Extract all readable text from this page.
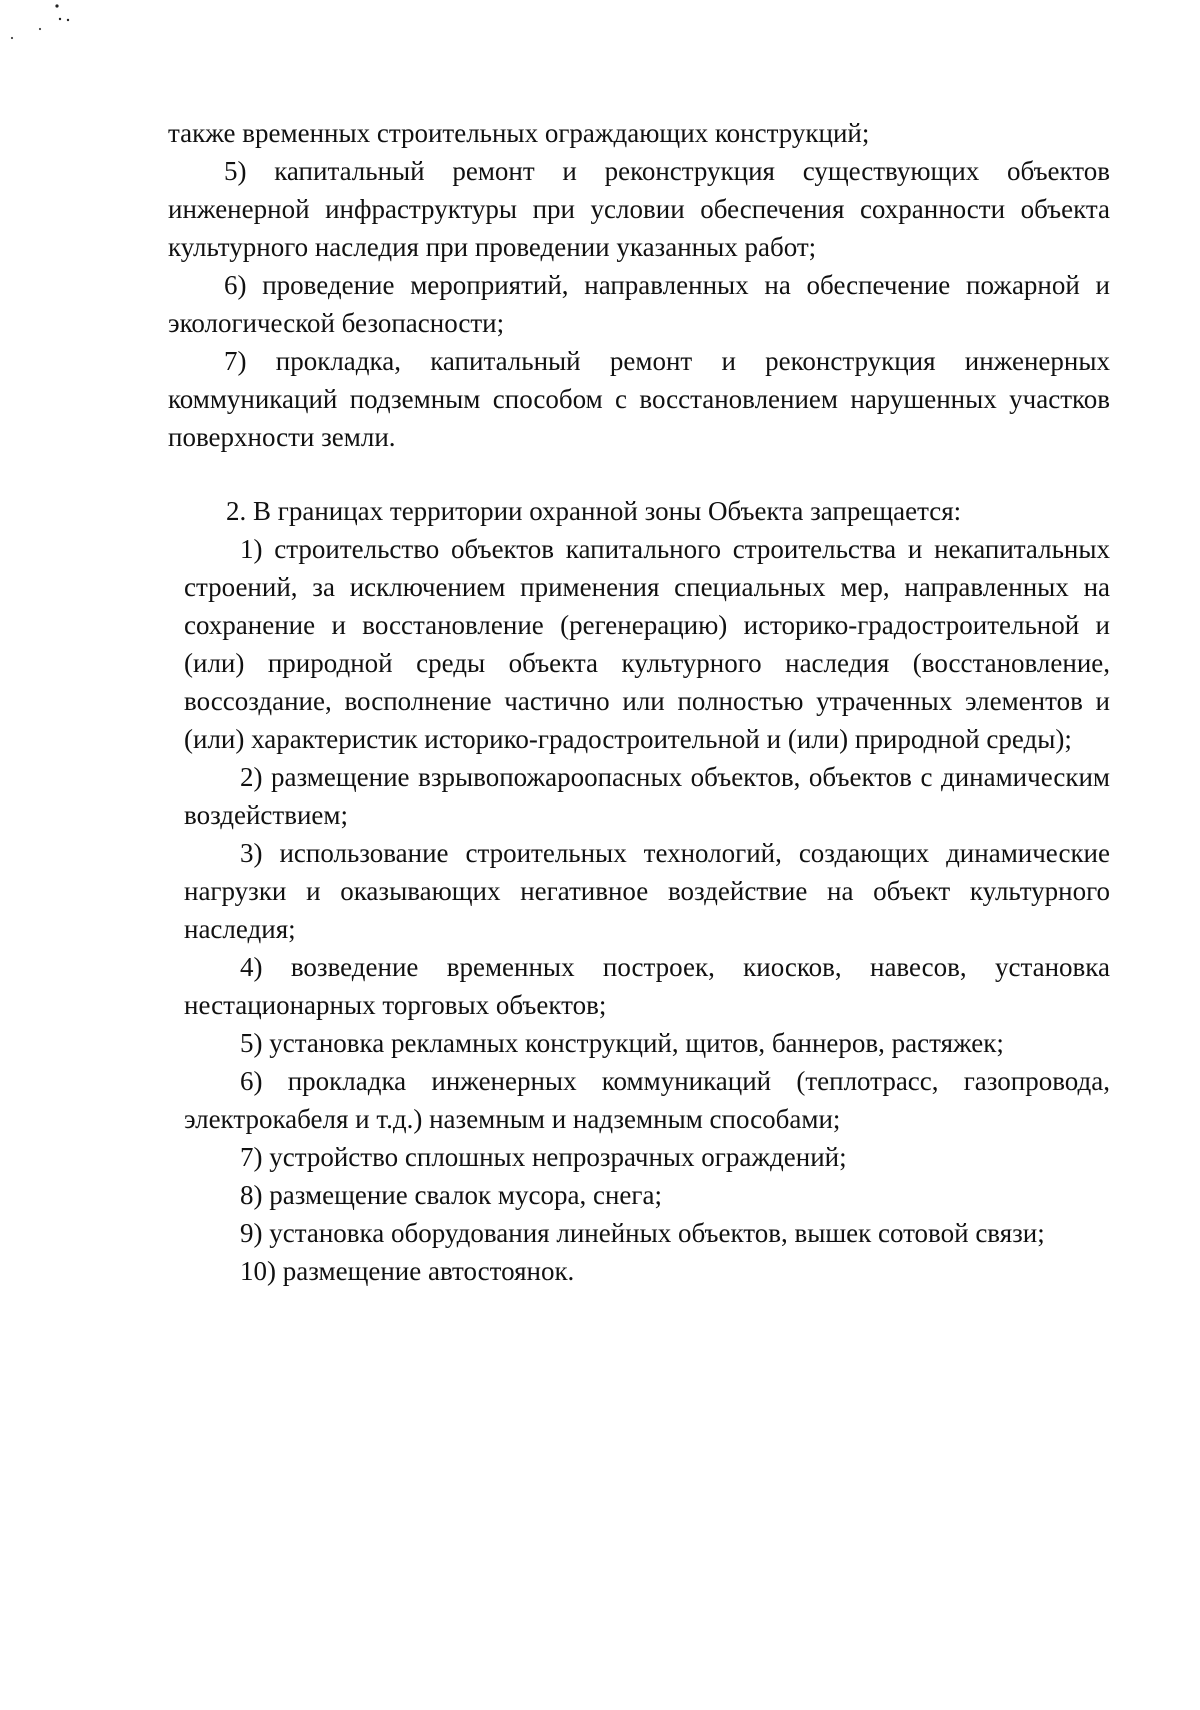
также временных строительных ограждающих конструкций;

5) капитальный ремонт и реконструкция существующих объектов инженерной инфраструктуры при условии обеспечения сохранности объекта культурного наследия при проведении указанных работ;

6) проведение мероприятий, направленных на обеспечение пожарной и экологической безопасности;

7) прокладка, капитальный ремонт и реконструкция инженерных коммуникаций подземным способом с восстановлением нарушенных участков поверхности земли.

2. В границах территории охранной зоны Объекта запрещается:

1) строительство объектов капитального строительства и некапитальных строений, за исключением применения специальных мер, направленных на сохранение и восстановление (регенерацию) историко-градостроительной и (или) природной среды объекта культурного наследия (восстановление, воссоздание, восполнение частично или полностью утраченных элементов и (или) характеристик историко-градостроительной и (или) природной среды);

2) размещение взрывопожароопасных объектов, объектов с динамическим воздействием;

3) использование строительных технологий, создающих динамические нагрузки и оказывающих негативное воздействие на объект культурного наследия;

4) возведение временных построек, киосков, навесов, установка нестационарных торговых объектов;

5) установка рекламных конструкций, щитов, баннеров, растяжек;

6) прокладка инженерных коммуникаций (теплотрасс, газопровода, электрокабеля и т.д.) наземным и надземным способами;

7) устройство сплошных непрозрачных ограждений;

8) размещение свалок мусора, снега;

9) установка оборудования линейных объектов, вышек сотовой связи;

10) размещение автостоянок.
